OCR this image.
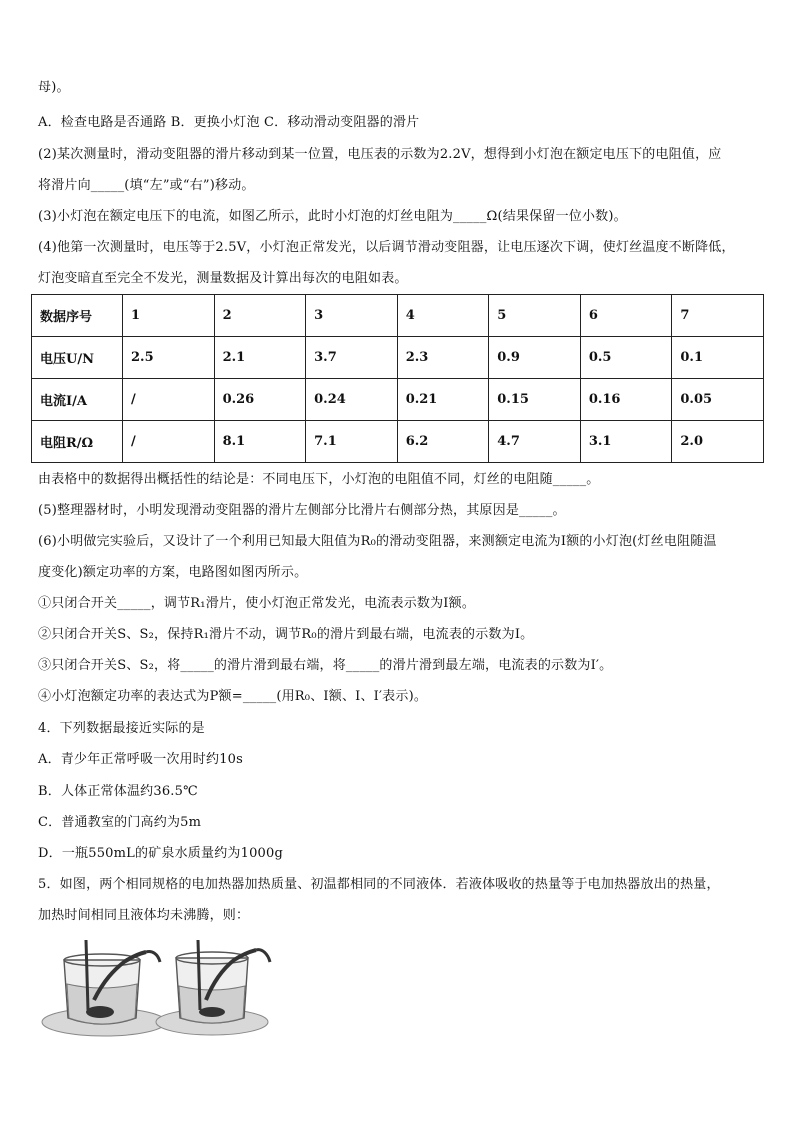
母)。
A．检查电路是否通路 B．更换小灯泡 C．移动滑动变阻器的滑片
(2)某次测量时，滑动变阻器的滑片移动到某一位置，电压表的示数为2.2V，想得到小灯泡在额定电压下的电阻值，应
将滑片向_____(填“左”或“右”)移动。
(3)小灯泡在额定电压下的电流，如图乙所示，此时小灯泡的灯丝电阻为_____Ω(结果保留一位小数)。
(4)他第一次测量时，电压等于2.5V，小灯泡正常发光，以后调节滑动变阻器，让电压逐次下调，使灯丝温度不断降低，
灯泡变暗直至完全不发光，测量数据及计算出每次的电阻如表。
数据序号	1	2	3	4	5	6	7
电压U/N	2.5	2.1	3.7	2.3	0.9	0.5	0.1
电流I/A	/	0.26	0.24	0.21	0.15	0.16	0.05
电阻R/Ω	/	8.1	7.1	6.2	4.7	3.1	2.0
由表格中的数据得出概括性的结论是：不同电压下，小灯泡的电阻值不同，灯丝的电阻随_____。
(5)整理器材时，小明发现滑动变阻器的滑片左侧部分比滑片右侧部分热，其原因是_____。
(6)小明做完实验后，又设计了一个利用已知最大阻值为R₀的滑动变阻器，来测额定电流为I额的小灯泡(灯丝电阻随温
度变化)额定功率的方案，电路图如图丙所示。
①只闭合开关_____，调节R₁滑片，使小灯泡正常发光，电流表示数为I额。
②只闭合开关S、S₂，保持R₁滑片不动，调节R₀的滑片到最右端，电流表的示数为I。
③只闭合开关S、S₂，将_____的滑片滑到最右端，将_____的滑片滑到最左端，电流表的示数为I′。
④小灯泡额定功率的表达式为P额=_____(用R₀、I额、I、I′表示)。
4．下列数据最接近实际的是
A．青少年正常呼吸一次用时约10s
B．人体正常体温约36.5℃
C．普通教室的门高约为5m
D．一瓶550mL的矿泉水质量约为1000g
5．如图，两个相同规格的电加热器加热质量、初温都相同的不同液体．若液体吸收的热量等于电加热器放出的热量，
加热时间相同且液体均未沸腾，则：
